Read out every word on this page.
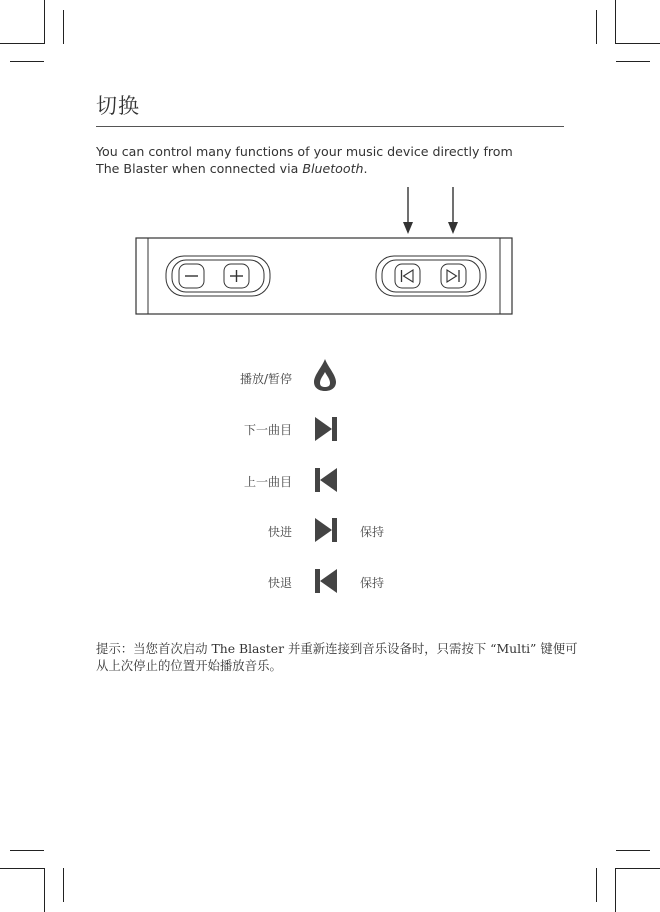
切换
You can control many functions of your music device directly from
The Blaster when connected via Bluetooth.
播放/暂停
下一曲目
上一曲目
快进	保持
快退	保持
提示：当您首次启动 The Blaster 并重新连接到音乐设备时，只需按下 “Multi” 键便可
从上次停止的位置开始播放音乐。
